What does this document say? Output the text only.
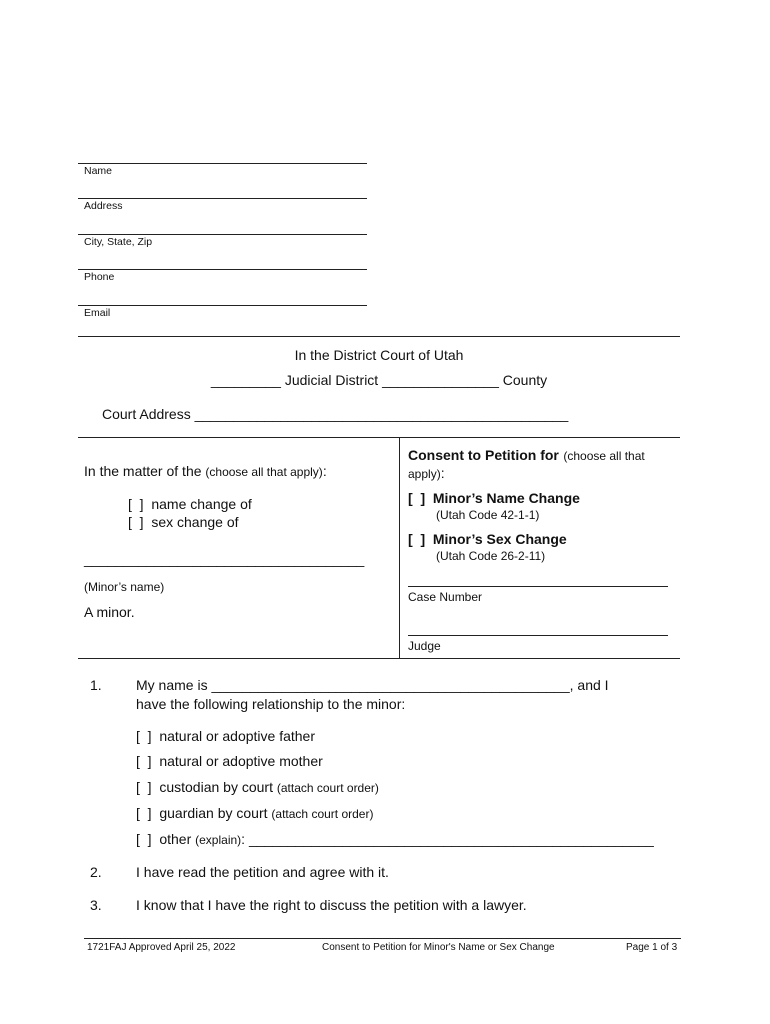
Name
Address
City, State, Zip
Phone
Email
In the District Court of Utah
_________ Judicial District _______________ County
Court Address ________________________________________________
In the matter of the (choose all that apply):
[  ]  name change of
[  ]  sex change of
____________________________________
(Minor’s name)
A minor.
Consent to Petition for (choose all that
apply):
[  ]  Minor’s Name Change
(Utah Code 42-1-1)
[  ]  Minor’s Sex Change
(Utah Code 26-2-11)
Case Number
Judge
1. My name is ______________________________________________, and I
have the following relationship to the minor:
[  ]  natural or adoptive father
[  ]  natural or adoptive mother
[  ]  custodian by court (attach court order)
[  ]  guardian by court (attach court order)
[  ]  other (explain): ____________________________________________________
2. I have read the petition and agree with it.
3. I know that I have the right to discuss the petition with a lawyer.
1721FAJ Approved April 25, 2022	Consent to Petition for Minor's Name or Sex Change	Page 1 of 3
